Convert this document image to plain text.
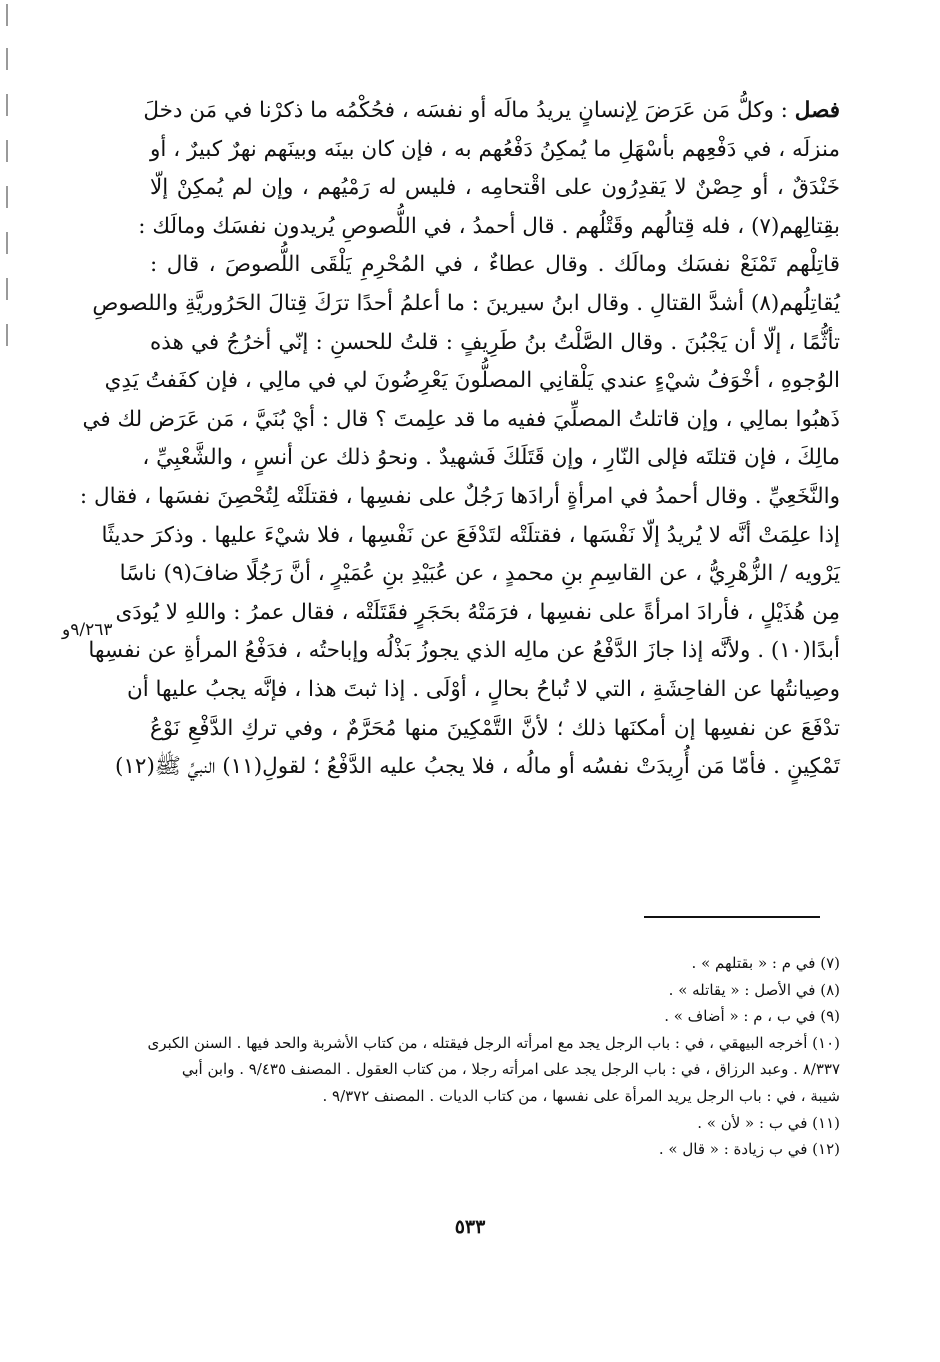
فصل : وكلُّ مَن عَرَضَ لِإنسانٍ يريدُ مالَه أو نفسَه ، فحُكْمُه ما ذكرْنا في مَن دخلَ
منزلَه ، في دَفْعِهم بأسْهَلِ ما يُمكِنُ دَفْعُهم به ، فإن كان بينَه وبينَهم نهرٌ كبيرٌ ، أو
خَنْدَقٌ ، أو حِصْنٌ لا يَقدِرُون على اقْتحامِه ، فليس له رَمْيُهم ، وإن لم يُمكِنْ إلّا
بقِتالِهم(٧) ، فله قِتالُهم وقَتْلُهم . قال أحمدُ ، في اللُّصوصِ يُريدون نفسَك ومالَك :
قاتِلْهم تَمْنَعْ نفسَك ومالَك . وقال عطاءٌ ، في المُحْرِمِ يَلْقَى اللُّصوصَ ، قال :
يُقاتِلُهم(٨) أشدَّ القتالِ . وقال ابنُ سيرينَ : ما أعلمُ أحدًا ترَكَ قِتالَ الحَرُوريَّةِ واللصوصِ
تأثُّمًا ، إلّا أن يَجْبُنَ . وقال الصَّلْتُ بنُ طَرِيفٍ : قلتُ للحسنِ : إنّي أخرُجُ في هذه
الوُجوهِ ، أخْوَفُ شيْءٍ عندي يَلْقانِي المصلُّونَ يَعْرِضُونَ لي في مالِي ، فإن كفَفتُ يَدِي
ذَهبُوا بمالِي ، وإن قاتلتُ المصلِّيَ ففيه ما قد علِمتَ ؟ قال : أيْ بُنَيَّ ، مَن عَرَض لك في
مالِكَ ، فإن قتلتَه فإلى النّارِ ، وإن قَتَلَكَ فَشهيدٌ . ونحوُ ذلك عن أنسٍ ، والشَّعْبِيِّ ،
والنَّخَعِيِّ . وقال أحمدُ في امرأةٍ أرادَها رَجُلٌ على نفسِها ، فقتلَتْه لِتُحْصِنَ نفسَها ، فقال :
إذا علِمَتْ أنَّه لا يُريدُ إلّا نَفْسَها ، فقتلَتْه لتَدْفَعَ عن نَفْسِها ، فلا شيْءَ عليها . وذكرَ حديثًا
يَرْويه / الزُّهْرِيُّ ، عن القاسِمِ بنِ محمدٍ ، عن عُبَيْدِ بنِ عُمَيْرٍ ، أنَّ رَجُلًا ضافَ(٩) ناسًا
مِن هُذَيْلٍ ، فأرادَ امرأةً على نفسِها ، فرَمَتْهُ بحَجَرٍ فقَتَلَتْه ، فقال عمرُ : واللهِ لا يُودَى
أبدًا(١٠) . ولأنَّه إذا جازَ الدَّفْعُ عن مالِه الذي يجوزُ بَذْلُه وإباحتُه ، فدَفْعُ المرأةِ عن نفسِها
وصِيانتُها عن الفاحِشَةِ ، التي لا تُباحُ بحالٍ ، أوْلَى . إذا ثبتَ هذا ، فإنَّه يجبُ عليها أن
تدْفَعَ عن نفسِها إن أمكنَها ذلك ؛ لأنَّ التَّمْكِينَ منها مُحَرَّمٌ ، وفي تركِ الدَّفْعِ نَوْعُ
تَمْكِينٍ . فأمّا مَن أُرِيدَتْ نفسُه أو مالُه ، فلا يجبُ عليه الدَّفْعُ ؛ لقولِ(١١) النبيِّ ﷺ(١٢)
٩/٢٦٣و
(٧) في م : « بقتلهم » .
(٨) في الأصل : « يقاتله » .
(٩) في ب ، م : « أضاف » .
(١٠) أخرجه البيهقي ، في : باب الرجل يجد مع امرأته الرجل فيقتله ، من كتاب الأشربة والحد فيها . السنن الكبرى
٨/٣٣٧ . وعبد الرزاق ، في : باب الرجل يجد على امرأته رجلا ، من كتاب العقول . المصنف ٩/٤٣٥ . وابن أبي
شيبة ، في : باب الرجل يريد المرأة على نفسها ، من كتاب الديات . المصنف ٩/٣٧٢ .
(١١) في ب : « لأن » .
(١٢) في ب زيادة : « قال » .
٥٣٣
